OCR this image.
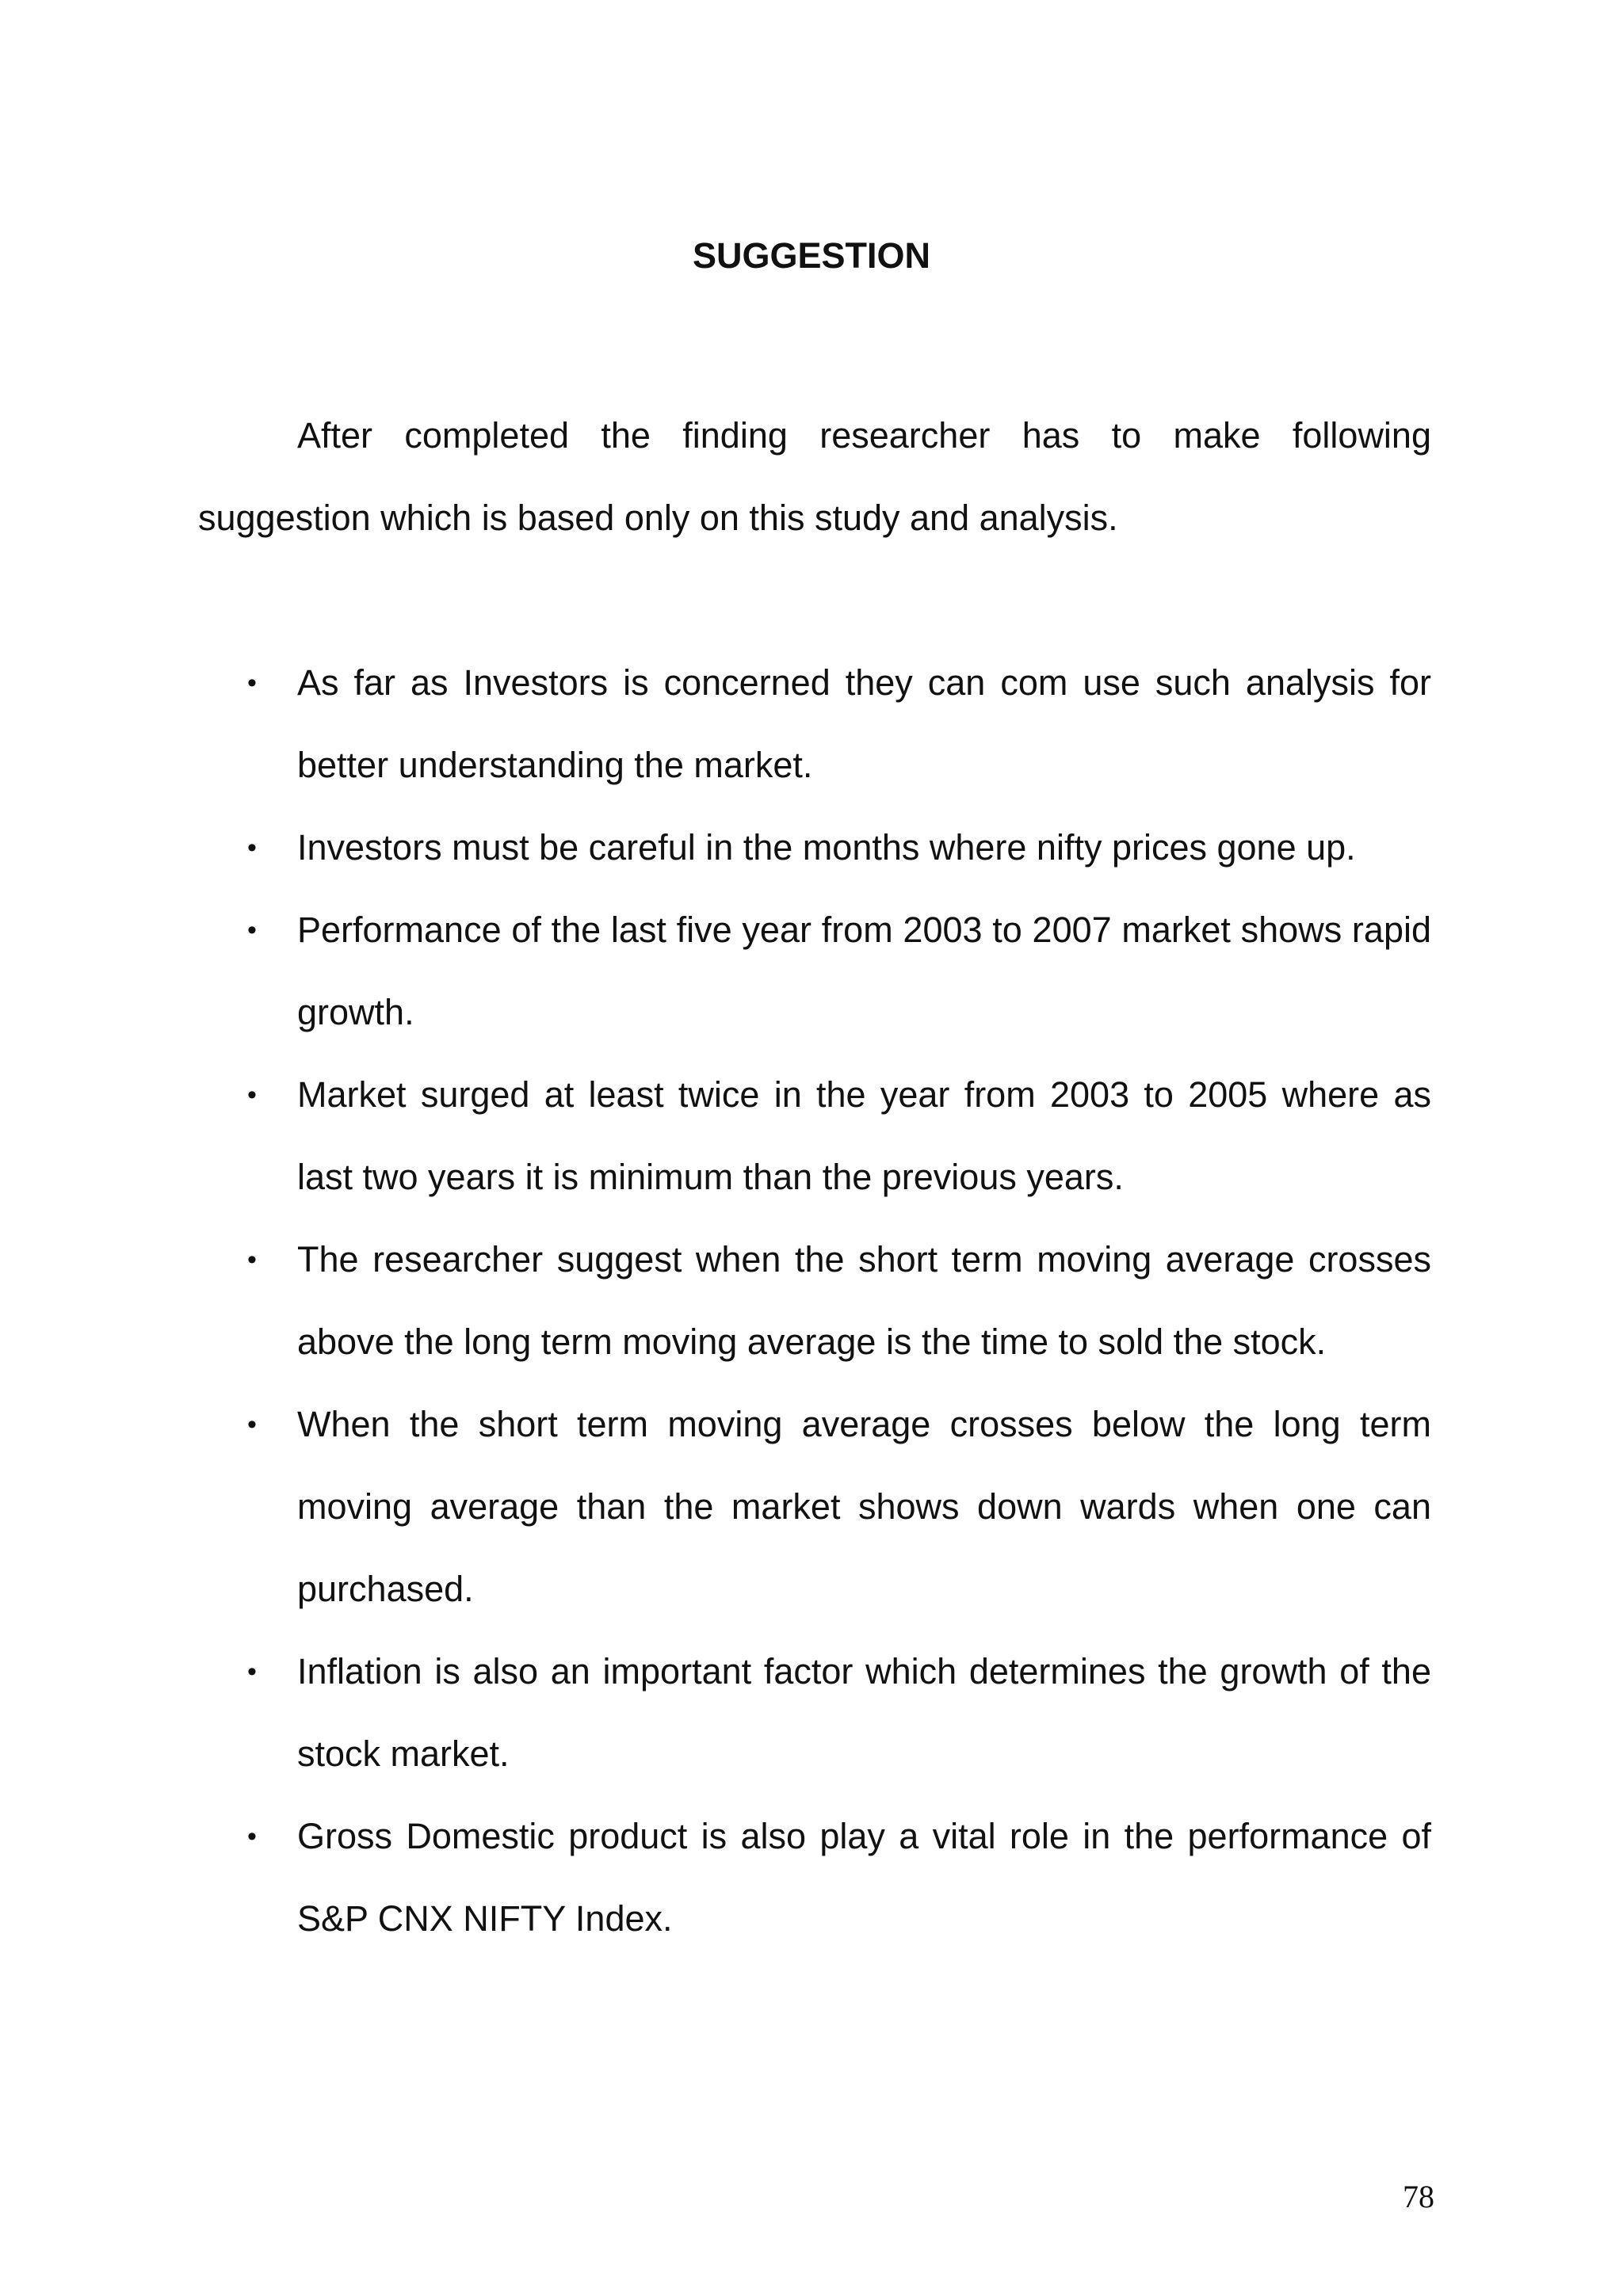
SUGGESTION

After completed the finding researcher has to make following suggestion which is based only on this study and analysis.

• As far as Investors is concerned they can com use such analysis for better understanding the market.
• Investors must be careful in the months where nifty prices gone up.
• Performance of the last five year from 2003 to 2007 market shows rapid growth.
• Market surged at least twice in the year from 2003 to 2005 where as last two years it is minimum than the previous years.
• The researcher suggest when the short term moving average crosses above the long term moving average is the time to sold the stock.
• When the short term moving average crosses below the long term moving average than the market shows down wards when one can purchased.
• Inflation is also an important factor which determines the growth of the stock market.
• Gross Domestic product is also play a vital role in the performance of S&P CNX NIFTY Index.

78
